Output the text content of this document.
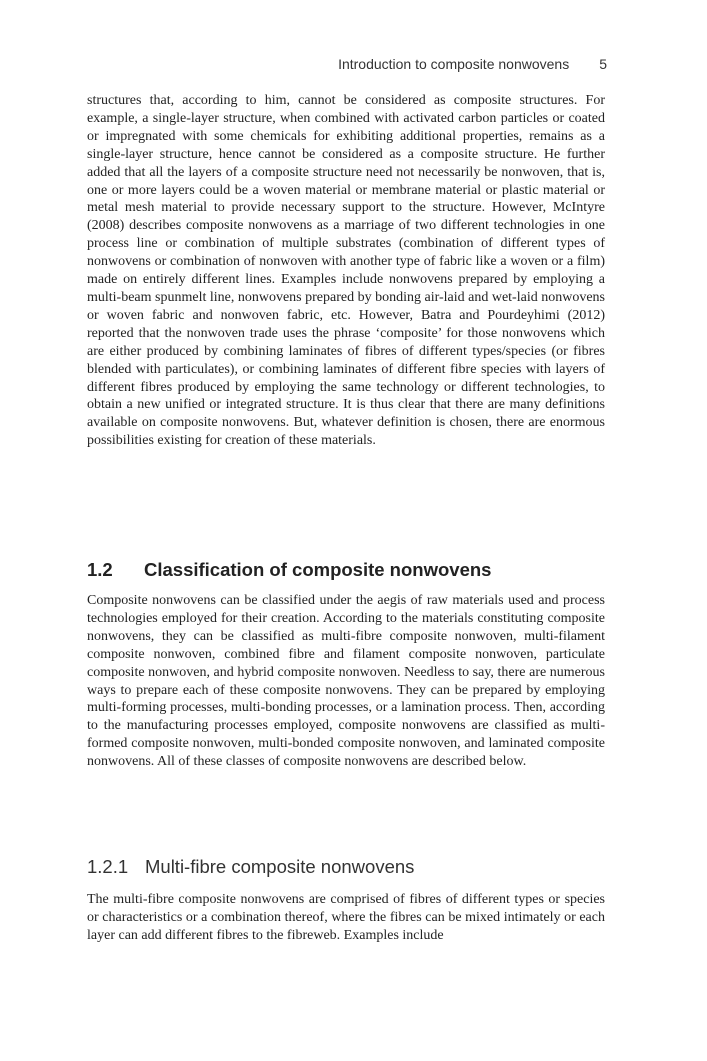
Introduction to composite nonwovens 5

structures that, according to him, cannot be considered as composite structures. For example, a single-layer structure, when combined with activated carbon particles or coated or impregnated with some chemicals for exhibiting additional properties, remains as a single-layer structure, hence cannot be considered as a composite structure. He further added that all the layers of a composite structure need not necessarily be nonwoven, that is, one or more layers could be a woven material or membrane material or plastic material or metal mesh material to provide necessary support to the structure. However, McIntyre (2008) describes composite nonwovens as a marriage of two different technologies in one process line or combination of multiple substrates (combination of different types of nonwovens or combination of nonwoven with another type of fabric like a woven or a film) made on entirely different lines. Examples include nonwovens prepared by employing a multi-beam spunmelt line, nonwovens prepared by bonding air-laid and wet-laid nonwovens or woven fabric and nonwoven fabric, etc. However, Batra and Pourdeyhimi (2012) reported that the nonwoven trade uses the phrase ‘composite’ for those nonwovens which are either produced by combining laminates of fibres of different types/species (or fibres blended with particulates), or combining laminates of different fibre species with layers of different fibres produced by employing the same technology or different technologies, to obtain a new unified or integrated structure. It is thus clear that there are many definitions available on composite nonwovens. But, whatever definition is chosen, there are enormous possibilities existing for creation of these materials.

1.2 Classification of composite nonwovens

Composite nonwovens can be classified under the aegis of raw materials used and process technologies employed for their creation. According to the materials constituting composite nonwovens, they can be classified as multi-fibre composite nonwoven, multi-filament composite nonwoven, combined fibre and filament composite nonwoven, particulate composite nonwoven, and hybrid composite nonwoven. Needless to say, there are numerous ways to prepare each of these composite nonwovens. They can be prepared by employing multi-forming processes, multi-bonding processes, or a lamination process. Then, according to the manufacturing processes employed, composite nonwovens are classified as multi-formed composite nonwoven, multi-bonded composite nonwoven, and laminated composite nonwovens. All of these classes of composite nonwovens are described below.

1.2.1 Multi-fibre composite nonwovens

The multi-fibre composite nonwovens are comprised of fibres of different types or species or characteristics or a combination thereof, where the fibres can be mixed intimately or each layer can add different fibres to the fibreweb. Examples include
